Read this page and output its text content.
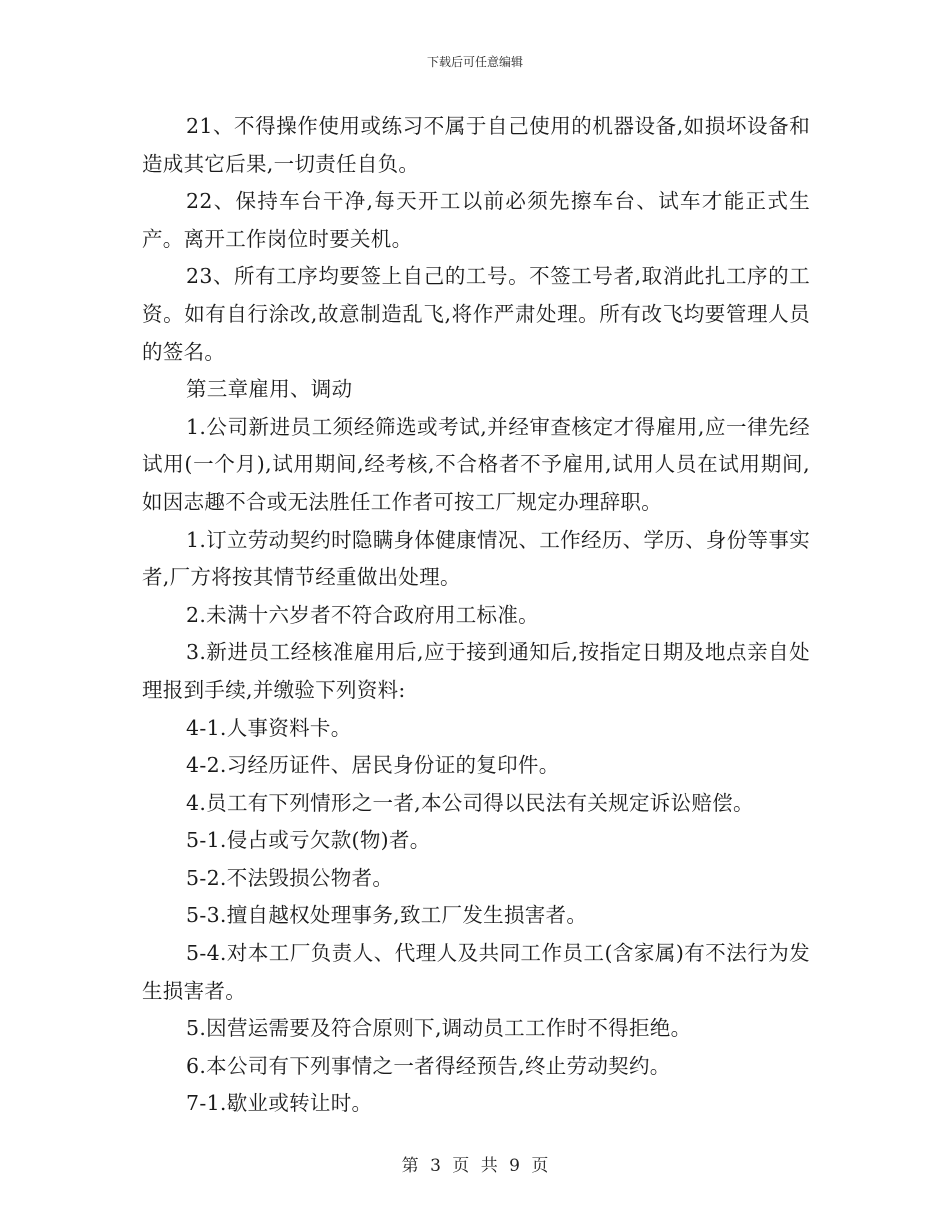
下载后可任意编辑

21、不得操作使用或练习不属于自己使用的机器设备,如损坏设备和造成其它后果,一切责任自负。

22、保持车台干净,每天开工以前必须先擦车台、试车才能正式生产。离开工作岗位时要关机。

23、所有工序均要签上自己的工号。不签工号者,取消此扎工序的工资。如有自行涂改,故意制造乱飞,将作严肃处理。所有改飞均要管理人员的签名。

第三章雇用、调动

1.公司新进员工须经筛选或考试,并经审查核定才得雇用,应一律先经试用(一个月),试用期间,经考核,不合格者不予雇用,试用人员在试用期间,如因志趣不合或无法胜任工作者可按工厂规定办理辞职。

1.订立劳动契约时隐瞒身体健康情况、工作经历、学历、身份等事实者,厂方将按其情节经重做出处理。

2.未满十六岁者不符合政府用工标准。

3.新进员工经核准雇用后,应于接到通知后,按指定日期及地点亲自处理报到手续,并缴验下列资料:

4-1.人事资料卡。

4-2.习经历证件、居民身份证的复印件。

4.员工有下列情形之一者,本公司得以民法有关规定诉讼赔偿。

5-1.侵占或亏欠款(物)者。

5-2.不法毁损公物者。

5-3.擅自越权处理事务,致工厂发生损害者。

5-4.对本工厂负责人、代理人及共同工作员工(含家属)有不法行为发生损害者。

5.因营运需要及符合原则下,调动员工工作时不得拒绝。

6.本公司有下列事情之一者得经预告,终止劳动契约。

7-1.歇业或转让时。

第 3 页 共 9 页
